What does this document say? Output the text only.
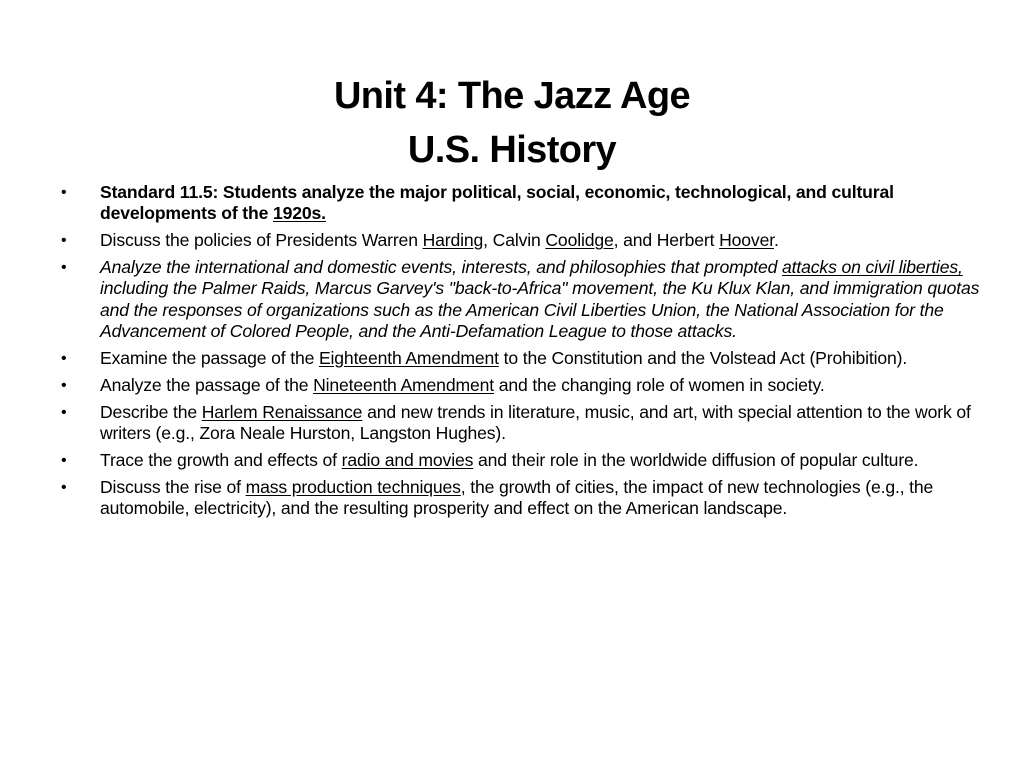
Unit 4: The Jazz Age
U.S. History
•	Standard 11.5: Students analyze the major political, social, economic, technological, and cultural developments of the 1920s.
•	Discuss the policies of Presidents Warren Harding, Calvin Coolidge, and Herbert Hoover.
•	Analyze the international and domestic events, interests, and philosophies that prompted attacks on civil liberties, including the Palmer Raids, Marcus Garvey's "back-to-Africa" movement, the Ku Klux Klan, and immigration quotas and the responses of organizations such as the American Civil Liberties Union, the National Association for the Advancement of Colored People, and the Anti-Defamation League to those attacks.
•	Examine the passage of the Eighteenth Amendment to the Constitution and the Volstead Act (Prohibition).
•	Analyze the passage of the Nineteenth Amendment and the changing role of women in society.
•	Describe the Harlem Renaissance and new trends in literature, music, and art, with special attention to the work of writers (e.g., Zora Neale Hurston, Langston Hughes).
•	Trace the growth and effects of radio and movies and their role in the worldwide diffusion of popular culture.
•	Discuss the rise of mass production techniques, the growth of cities, the impact of new technologies (e.g., the automobile, electricity), and the resulting prosperity and effect on the American landscape.
